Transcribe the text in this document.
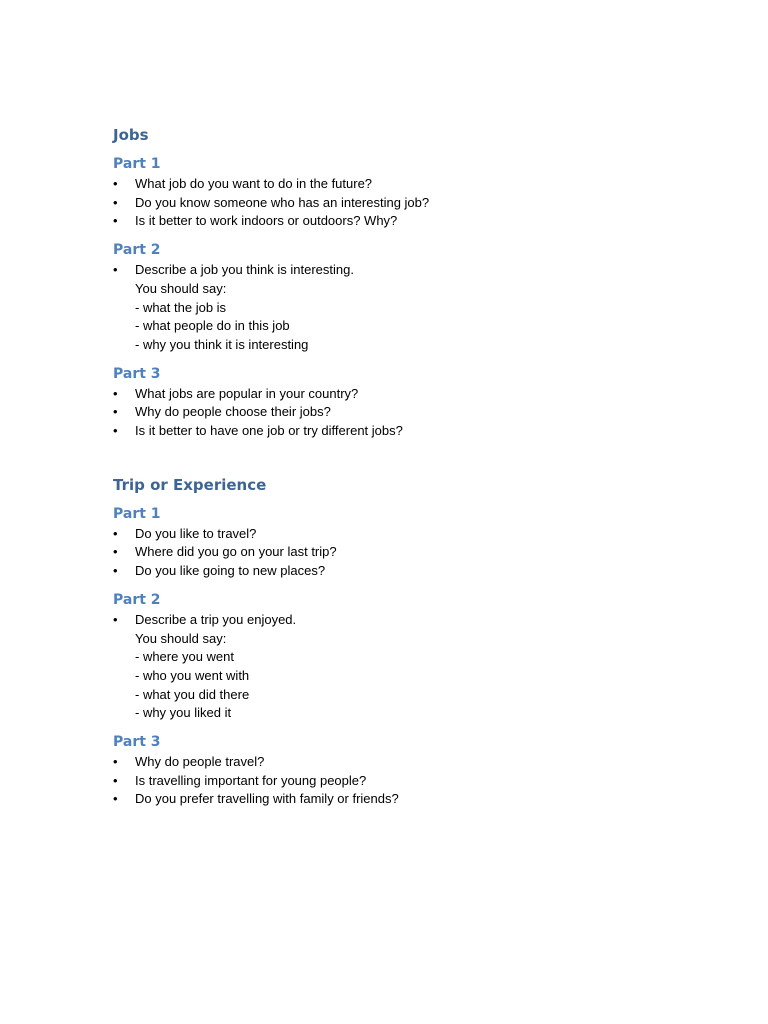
Jobs
Part 1
• What job do you want to do in the future?
• Do you know someone who has an interesting job?
• Is it better to work indoors or outdoors? Why?
Part 2
• Describe a job you think is interesting.
You should say:
- what the job is
- what people do in this job
- why you think it is interesting
Part 3
• What jobs are popular in your country?
• Why do people choose their jobs?
• Is it better to have one job or try different jobs?
Trip or Experience
Part 1
• Do you like to travel?
• Where did you go on your last trip?
• Do you like going to new places?
Part 2
• Describe a trip you enjoyed.
You should say:
- where you went
- who you went with
- what you did there
- why you liked it
Part 3
• Why do people travel?
• Is travelling important for young people?
• Do you prefer travelling with family or friends?
